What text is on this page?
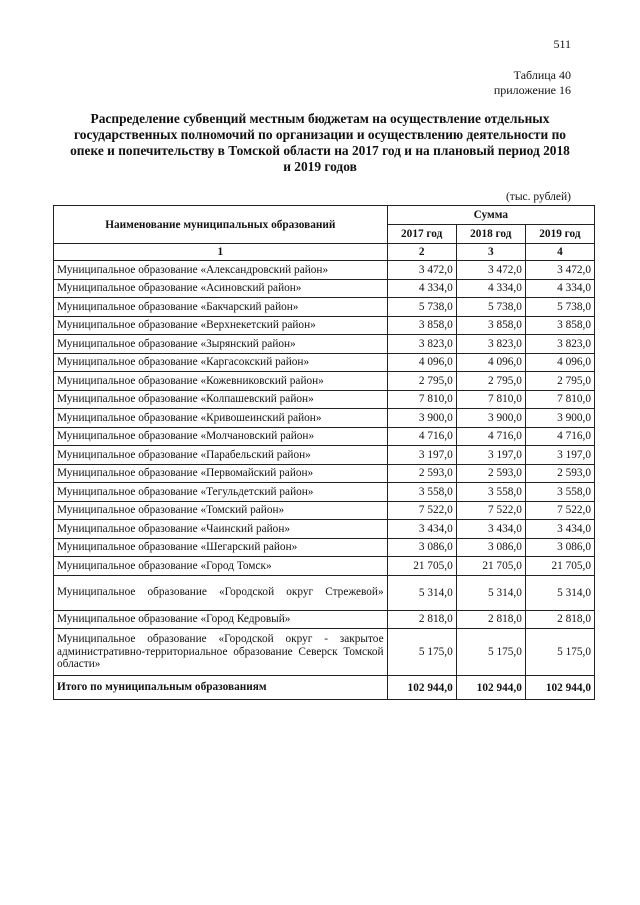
511
Таблица 40
приложение 16
Распределение субвенций местным бюджетам на осуществление отдельных государственных полномочий по организации и осуществлению деятельности по опеке и попечительству в Томской области на 2017 год и на плановый период 2018 и 2019 годов
(тыс. рублей)
Наименование муниципальных образований	Сумма		
	2017 год	2018 год	2019 год
1	2	3	4
Муниципальное образование «Александровский район»	3 472,0	3 472,0	3 472,0
Муниципальное образование «Асиновский район»	4 334,0	4 334,0	4 334,0
Муниципальное образование «Бакчарский район»	5 738,0	5 738,0	5 738,0
Муниципальное образование «Верхнекетский район»	3 858,0	3 858,0	3 858,0
Муниципальное образование «Зырянский район»	3 823,0	3 823,0	3 823,0
Муниципальное образование «Каргасокский район»	4 096,0	4 096,0	4 096,0
Муниципальное образование «Кожевниковский район»	2 795,0	2 795,0	2 795,0
Муниципальное образование «Колпашевский район»	7 810,0	7 810,0	7 810,0
Муниципальное образование «Кривошеинский район»	3 900,0	3 900,0	3 900,0
Муниципальное образование «Молчановский район»	4 716,0	4 716,0	4 716,0
Муниципальное образование «Парабельский район»	3 197,0	3 197,0	3 197,0
Муниципальное образование «Первомайский район»	2 593,0	2 593,0	2 593,0
Муниципальное образование «Тегульдетский район»	3 558,0	3 558,0	3 558,0
Муниципальное образование «Томский район»	7 522,0	7 522,0	7 522,0
Муниципальное образование «Чаинский район»	3 434,0	3 434,0	3 434,0
Муниципальное образование «Шегарский район»	3 086,0	3 086,0	3 086,0
Муниципальное образование «Город Томск»	21 705,0	21 705,0	21 705,0
Муниципальное образование «Городской округ Стрежевой»	5 314,0	5 314,0	5 314,0
Муниципальное образование «Город Кедровый»	2 818,0	2 818,0	2 818,0
Муниципальное образование «Городской округ - закрытое административно-территориальное образование Северск Томской области»	5 175,0	5 175,0	5 175,0
Итого по муниципальным образованиям	102 944,0	102 944,0	102 944,0
